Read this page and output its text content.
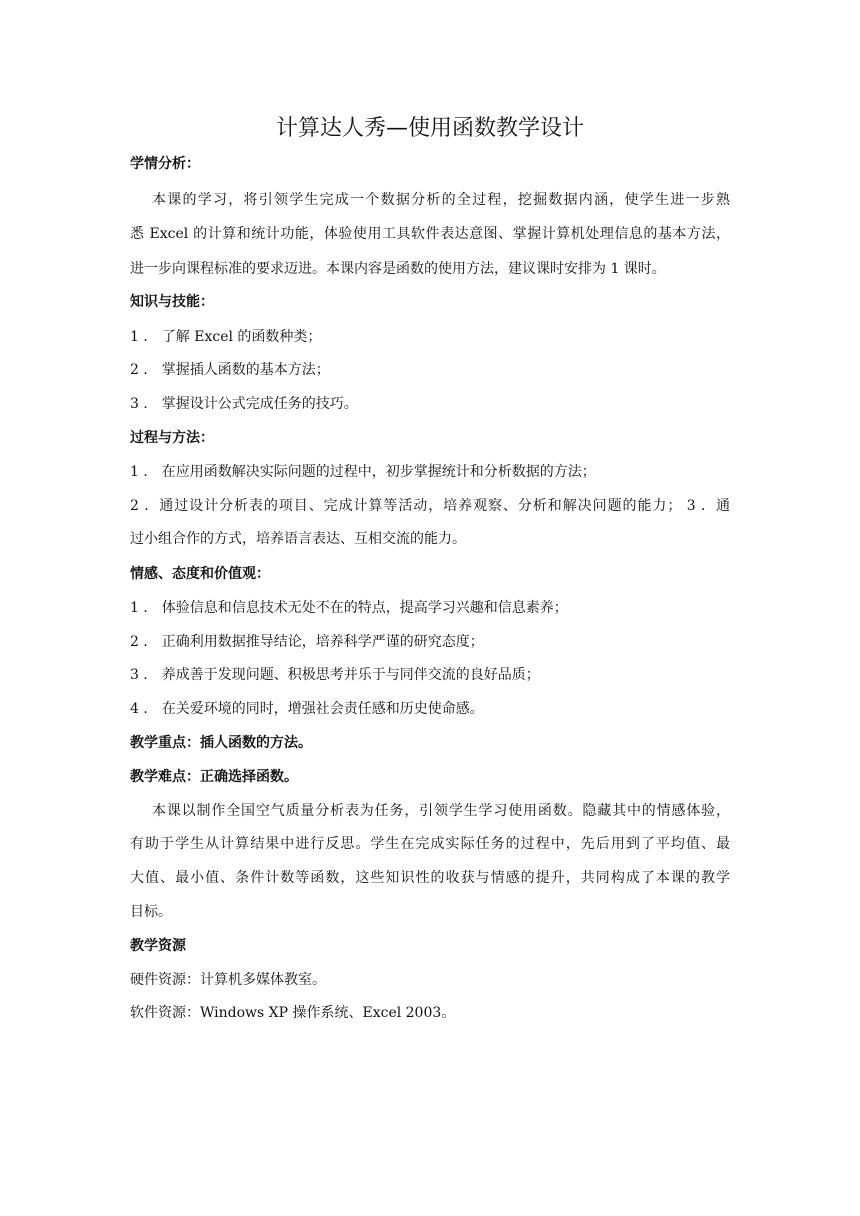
计算达人秀—使用函数教学设计
学情分析：
本课的学习，将引领学生完成一个数据分析的全过程，挖掘数据内涵，使学生进一步熟
悉 Excel 的计算和统计功能，体验使用工具软件表达意图、掌握计算机处理信息的基本方法，
进一步向课程标准的要求迈进。本课内容是函数的使用方法，建议课时安排为 1 课时。
知识与技能：
1 ． 了解 Excel 的函数种类；
2 ． 掌握插人函数的基本方法；
3 ． 掌握设计公式完成任务的技巧。
过程与方法：
1 ． 在应用函数解决实际问题的过程中，初步掌握统计和分析数据的方法；
2 ．通过设计分析表的项目、完成计算等活动，培养观察、分析和解决问题的能力； 3 ．通
过小组合作的方式，培养语言表达、互相交流的能力。
情感、态度和价值观：
1 ． 体验信息和信息技术无处不在的特点，提高学习兴趣和信息素养；
2 ． 正确利用数据推导结论，培养科学严谨的研究态度；
3 ． 养成善于发现问题、积极思考并乐于与同伴交流的良好品质；
4 ． 在关爱环境的同时，增强社会责任感和历史使命感。
教学重点：插人函数的方法。
教学难点：正确选择函数。
本课以制作全国空气质量分析表为任务，引领学生学习使用函数。隐藏其中的情感体验，
有助于学生从计算结果中进行反思。学生在完成实际任务的过程中，先后用到了平均值、最
大值、最小值、条件计数等函数，这些知识性的收获与情感的提升，共同构成了本课的教学
目标。
教学资源
硬件资源：计算机多媒体教室。
软件资源：Windows XP 操作系统、Excel 2003。
